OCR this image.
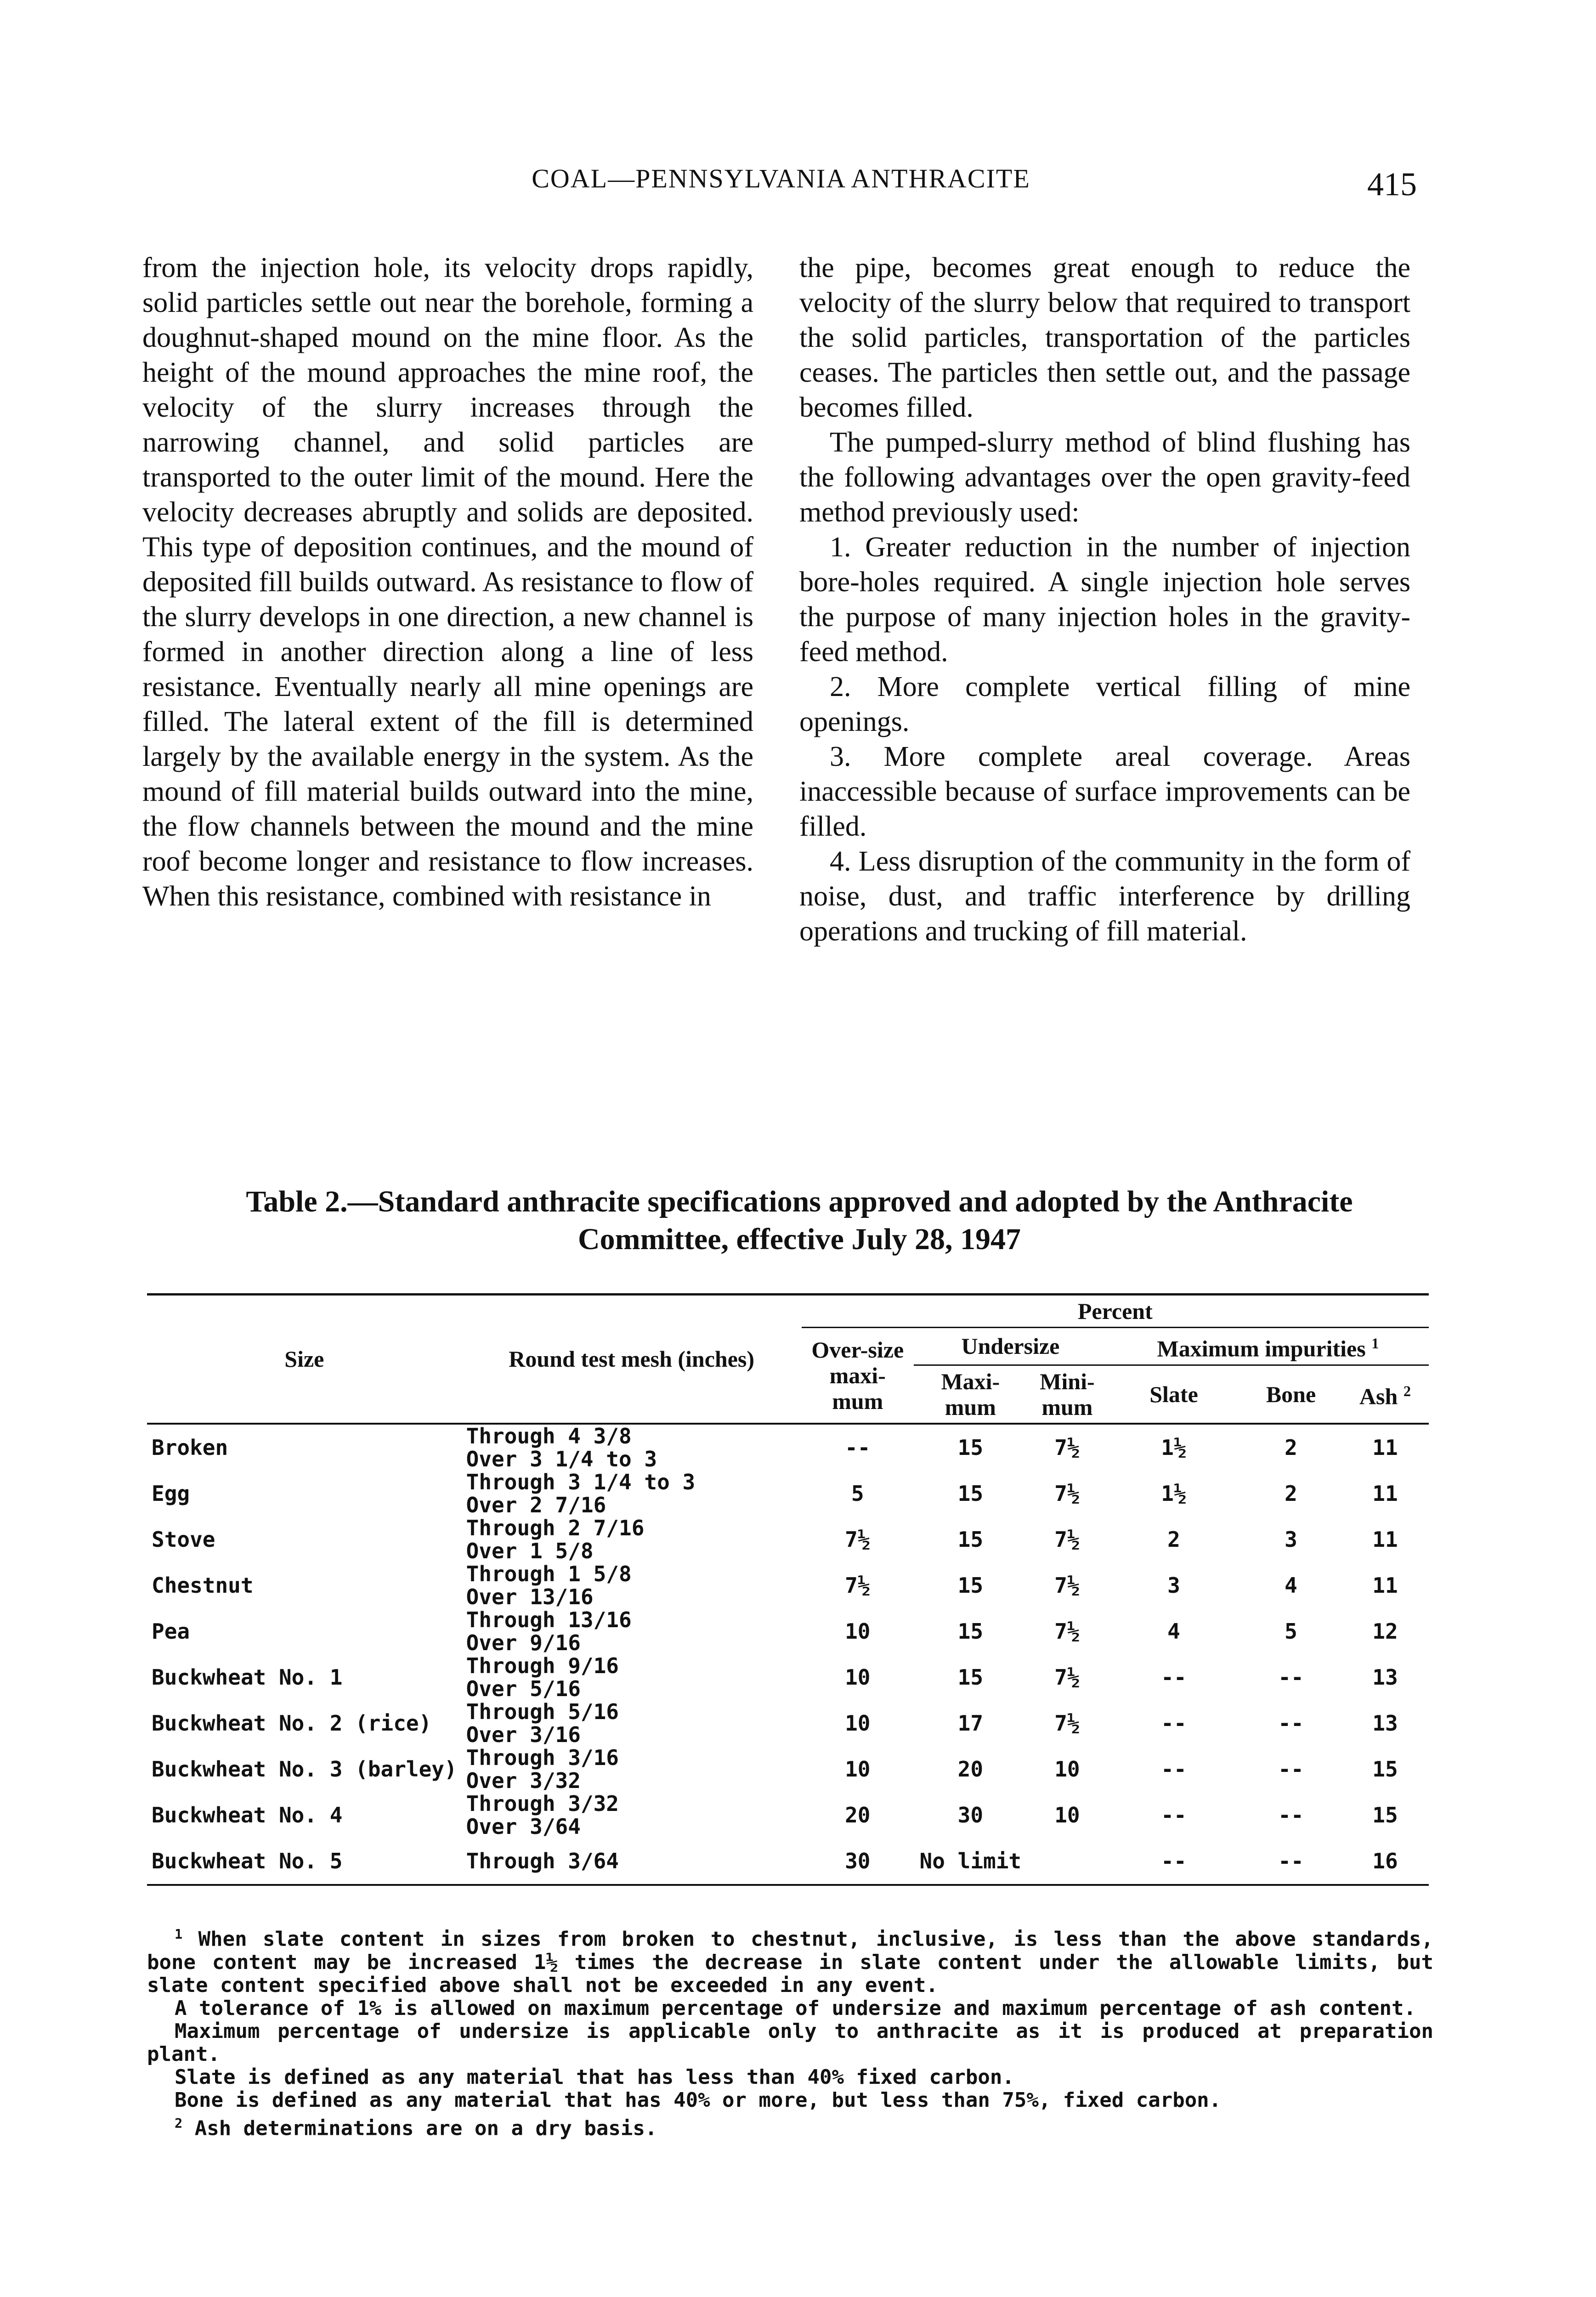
COAL—PENNSYLVANIA ANTHRACITE	415

from the injection hole, its velocity drops rapidly, solid particles settle out near the borehole, forming a doughnut-shaped mound on the mine floor. As the height of the mound approaches the mine roof, the velocity of the slurry increases through the narrowing channel, and solid particles are transported to the outer limit of the mound. Here the velocity decreases abruptly and solids are deposited. This type of deposition continues, and the mound of deposited fill builds outward. As resistance to flow of the slurry develops in one direction, a new channel is formed in another direction along a line of less resistance. Eventually nearly all mine openings are filled. The lateral extent of the fill is determined largely by the available energy in the system. As the mound of fill material builds outward into the mine, the flow channels between the mound and the mine roof become longer and resistance to flow increases. When this resistance, combined with resistance in

the pipe, becomes great enough to reduce the velocity of the slurry below that required to transport the solid particles, transportation of the particles ceases. The particles then settle out, and the passage becomes filled.

The pumped-slurry method of blind flushing has the following advantages over the open gravity-feed method previously used:

1. Greater reduction in the number of injection bore-holes required. A single injection hole serves the purpose of many injection holes in the gravity-feed method.

2. More complete vertical filling of mine openings.

3. More complete areal coverage. Areas inaccessible because of surface improvements can be filled.

4. Less disruption of the community in the form of noise, dust, and traffic interference by drilling operations and trucking of fill material.

Table 2.—Standard anthracite specifications approved and adopted by the Anthracite
Committee, effective July 28, 1947
Size	Round test mesh (inches)	Percent					
		Over-size maxi-mum	Undersize		Maximum impurities $^1$
			Maxi-mum	Mini-mum	Slate	Bone	Ash $^2$
Broken	Through 4 3/8
Over 3 1/4 to 3	--	15	7½	1½	2	11
Egg	Through 3 1/4 to 3
Over 2 7/16	5	15	7½	1½	2	11
Stove	Through 2 7/16
Over 1 5/8	7½	15	7½	2	3	11
Chestnut	Through 1 5/8
Over 13/16	7½	15	7½	3	4	11
Pea	Through 13/16
Over 9/16	10	15	7½	4	5	12
Buckwheat No. 1	Through 9/16
Over 5/16	10	15	7½	--	--	13
Buckwheat No. 2 (rice)	Through 5/16
Over 3/16	10	17	7½	--	--	13
Buckwheat No. 3 (barley)	Through 3/16
Over 3/32	10	20	10	--	--	15
Buckwheat No. 4	Through 3/32
Over 3/64	20	30	10	--	--	15
Buckwheat No. 5	Through 3/64	30	No limit		--	--	16

$^1$ When slate content in sizes from broken to chestnut, inclusive, is less than the above standards, bone content may be increased 1½ times the decrease in slate content under the allowable limits, but slate content specified above shall not be exceeded in any event.

A tolerance of 1% is allowed on maximum percentage of undersize and maximum percentage of ash content.

Maximum percentage of undersize is applicable only to anthracite as it is produced at preparation plant.

Slate is defined as any material that has less than 40% fixed carbon.

Bone is defined as any material that has 40% or more, but less than 75%, fixed carbon.

$^2$ Ash determinations are on a dry basis.
